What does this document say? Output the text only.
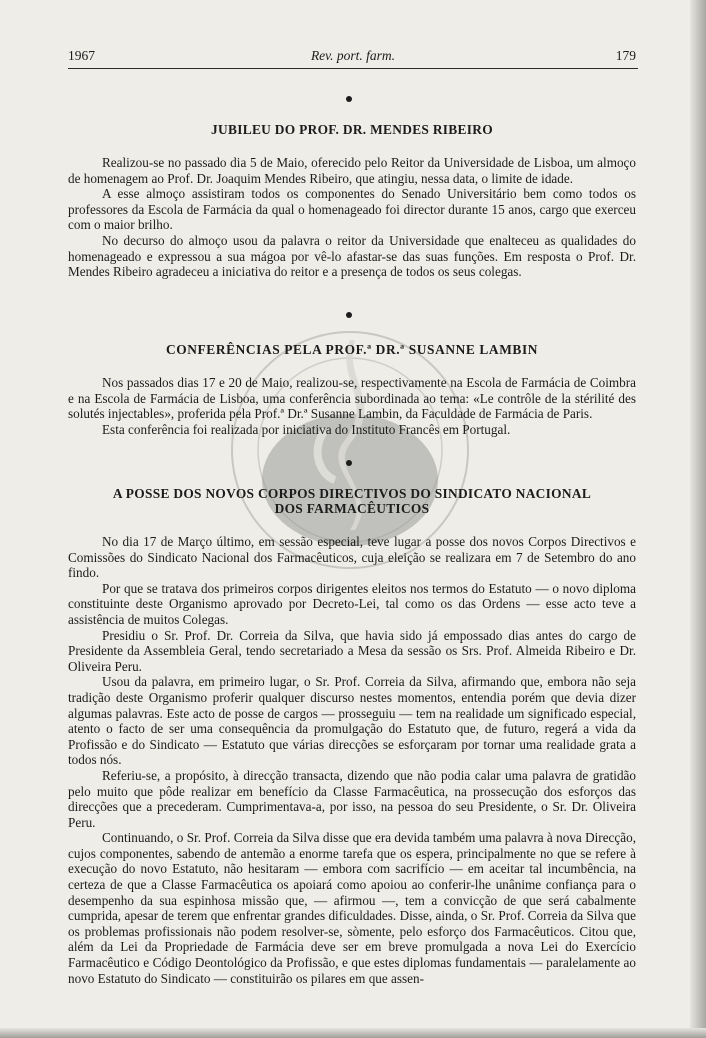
1967	Rev. port. farm.	179
JUBILEU DO PROF. DR. MENDES RIBEIRO

Realizou-se no passado dia 5 de Maio, oferecido pelo Reitor da Universidade de Lisboa, um almoço de homenagem ao Prof. Dr. Joaquim Mendes Ribeiro, que atingiu, nessa data, o limite de idade.

A esse almoço assistiram todos os componentes do Senado Universitário bem como todos os professores da Escola de Farmácia da qual o homenageado foi director durante 15 anos, cargo que exerceu com o maior brilho.

No decurso do almoço usou da palavra o reitor da Universidade que enalteceu as qualidades do homenageado e expressou a sua mágoa por vê-lo afastar-se das suas funções. Em resposta o Prof. Dr. Mendes Ribeiro agradeceu a iniciativa do reitor e a presença de todos os seus colegas.

CONFERÊNCIAS PELA PROF.ª DR.ª SUSANNE LAMBIN

Nos passados dias 17 e 20 de Maio, realizou-se, respectivamente na Escola de Farmácia de Coimbra e na Escola de Farmácia de Lisboa, uma conferência subordinada ao tema: «Le contrôle de la stérilité des solutés injectables», proferida pela Prof.ª Dr.ª Susanne Lambin, da Faculdade de Farmácia de Paris.

Esta conferência foi realizada por iniciativa do Instituto Francês em Portugal.

A POSSE DOS NOVOS CORPOS DIRECTIVOS DO SINDICATO NACIONAL DOS FARMACÊUTICOS

No dia 17 de Março último, em sessão especial, teve lugar a posse dos novos Corpos Directivos e Comissões do Sindicato Nacional dos Farmacêuticos, cuja eleição se realizara em 7 de Setembro do ano findo.

Por que se tratava dos primeiros corpos dirigentes eleitos nos termos do Estatuto — o novo diploma constituinte deste Organismo aprovado por Decreto-Lei, tal como os das Ordens — esse acto teve a assistência de muitos Colegas.

Presidiu o Sr. Prof. Dr. Correia da Silva, que havia sido já empossado dias antes do cargo de Presidente da Assembleia Geral, tendo secretariado a Mesa da sessão os Srs. Prof. Almeida Ribeiro e Dr. Oliveira Peru.

Usou da palavra, em primeiro lugar, o Sr. Prof. Correia da Silva, afirmando que, embora não seja tradição deste Organismo proferir qualquer discurso nestes momentos, entendia porém que devia dizer algumas palavras. Este acto de posse de cargos — prosseguiu — tem na realidade um significado especial, atento o facto de ser uma consequência da promulgação do Estatuto que, de futuro, regerá a vida da Profissão e do Sindicato — Estatuto que várias direcções se esforçaram por tornar uma realidade grata a todos nós.

Referiu-se, a propósito, à direcção transacta, dizendo que não podia calar uma palavra de gratidão pelo muito que pôde realizar em benefício da Classe Farmacêutica, na prossecução dos esforços das direcções que a precederam. Cumprimentava-a, por isso, na pessoa do seu Presidente, o Sr. Dr. Oliveira Peru.

Continuando, o Sr. Prof. Correia da Silva disse que era devida também uma palavra à nova Direcção, cujos componentes, sabendo de antemão a enorme tarefa que os espera, principalmente no que se refere à execução do novo Estatuto, não hesitaram — embora com sacrifício — em aceitar tal incumbência, na certeza de que a Classe Farmacêutica os apoiará como apoiou ao conferir-lhe unânime confiança para o desempenho da sua espinhosa missão que, — afirmou —, tem a convicção de que será cabalmente cumprida, apesar de terem que enfrentar grandes dificuldades. Disse, ainda, o Sr. Prof. Correia da Silva que os problemas profissionais não podem resolver-se, sòmente, pelo esforço dos Farmacêuticos. Citou que, além da Lei da Propriedade de Farmácia deve ser em breve promulgada a nova Lei do Exercício Farmacêutico e Código Deontológico da Profissão, e que estes diplomas fundamentais — paralelamente ao novo Estatuto do Sindicato — constituirão os pilares em que assen-
